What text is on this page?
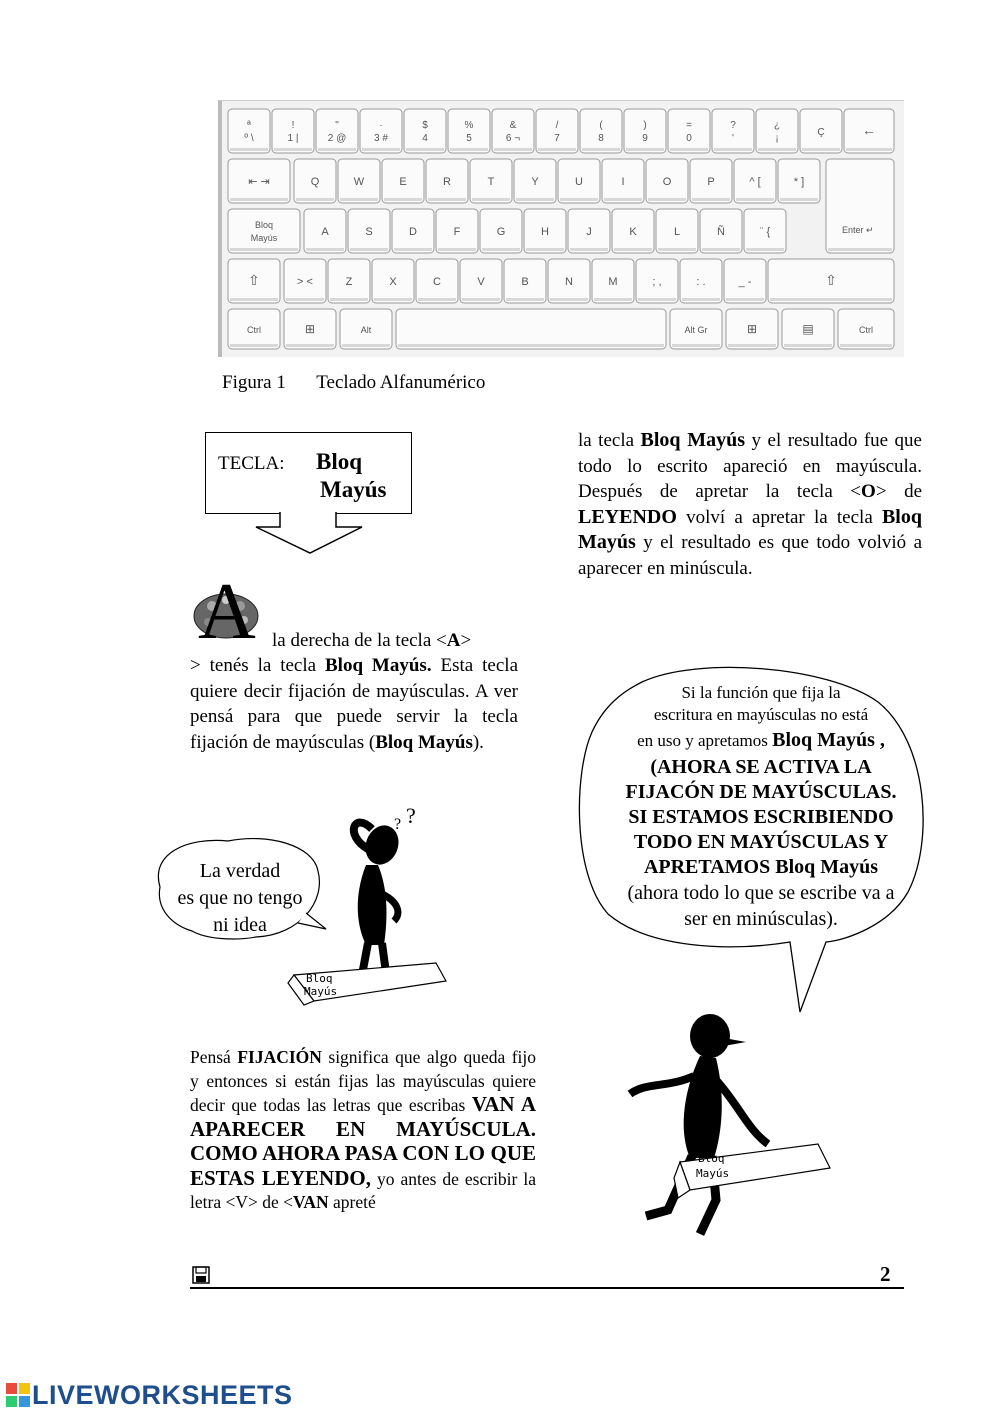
ª
º \
!
1 |
"
2 @
·
3 #
$
4
%
5
&
6 ¬
/
7
(
8
)
9
=
0
?
'
¿
¡
Ç	←
⇤ ⇥	Q	W	E	R	T	Y	U	I	O	P	^ [	* ]
Bloq
Mayús	A	S	D	F	G	H	J	K	L	Ñ	¨ {	Enter ↵
⇧	> <	Z	X	C	V	B	N	M	; ,	: .	_ -	⇧
Ctrl	⊞	Alt	Alt Gr	⊞	▤	Ctrl
Figura 1 Teclado Alfanumérico
TECLA: Bloq
Mayús
la tecla Bloq Mayús y el resultado fue que todo lo escrito apareció en mayúscula. Después de apretar la tecla <O> de LEYENDO volví a apretar la tecla Bloq Mayús y el resultado es que todo volvió a aparecer en minúscula.
A la derecha de la tecla <A>
> tenés la tecla Bloq Mayús. Esta tecla quiere decir fijación de mayúsculas. A ver pensá para que puede servir la tecla fijación de mayúsculas (Bloq Mayús).
?
?
Bloq
Mayús
La verdad
es que no tengo
ni idea
Si la función que fija la
escritura en mayúsculas no está
en uso y apretamos Bloq Mayús ,
(AHORA SE ACTIVA LA
FIJACÓN DE MAYÚSCULAS.
SI ESTAMOS ESCRIBIENDO
TODO EN MAYÚSCULAS Y
APRETAMOS Bloq Mayús
(ahora todo lo que se escribe va a
ser en minúsculas).
Bloq
Mayús
Pensá FIJACIÓN significa que algo queda fijo y entonces si están fijas las mayúsculas quiere decir que todas las letras que escribas VAN A APARECER EN MAYÚSCULA. COMO AHORA PASA CON LO QUE ESTAS LEYENDO, yo antes de escribir la letra <V> de <VAN apreté
2
LIVEWORKSHEETS
